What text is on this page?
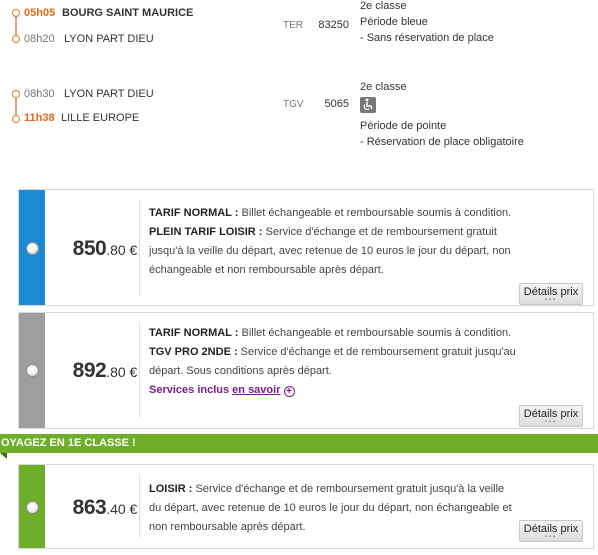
05h05 BOURG SAINT MAURICE
08h20 LYON PART DIEU
TER	83250
2e classe
Période bleue
- Sans réservation de place
08h30 LYON PART DIEU
11h38 LILLE EUROPE
TGV	5065
2e classe
Période de pointe
- Réservation de place obligatoire
850.80 €

TARIF NORMAL : Billet échangeable et remboursable soumis à condition.

PLEIN TARIF LOISIR : Service d'échange et de remboursement gratuit jusqu'à la veille du départ, avec retenue de 10 euros le jour du départ, non échangeable et non remboursable après départ.

Détails prix
▪▪▪
892.80 €

TARIF NORMAL : Billet échangeable et remboursable soumis à condition.

TGV PRO 2NDE : Service d'échange et de remboursement gratuit jusqu'au départ. Sous conditions après départ.

Services inclus en savoir +

Détails prix
▪▪▪
OYAGEZ EN 1E CLASSE !
863.40 €

LOISIR : Service d'échange et de remboursement gratuit jusqu'à la veille du départ, avec retenue de 10 euros le jour du départ, non échangeable et non remboursable après départ.	Détails prix
▪▪▪
